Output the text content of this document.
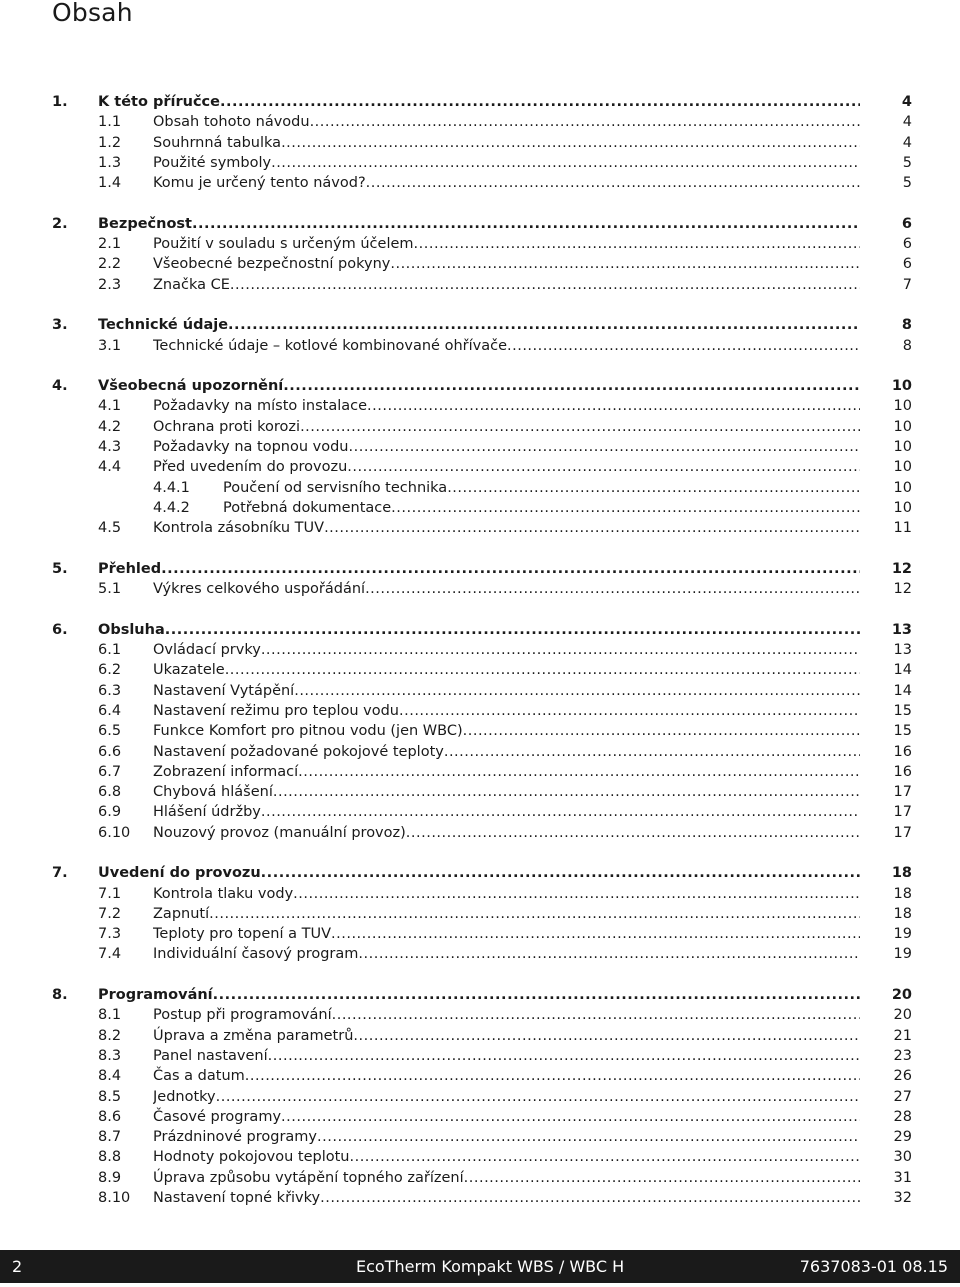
Obsah
1. K této příručce .....	4
1.1 Obsah tohoto návodu .....	4
1.2 Souhrnná tabulka .....	4
1.3 Použité symboly .....	5
1.4 Komu je určený tento návod? .....	5
2. Bezpečnost .....	6
2.1 Použití v souladu s určeným účelem .....	6
2.2 Všeobecné bezpečnostní pokyny .....	6
2.3 Značka CE .....	7
3. Technické údaje .....	8
3.1 Technické údaje – kotlové kombinované ohřívače .....	8
4. Všeobecná upozornění .....	10
4.1 Požadavky na místo instalace .....	10
4.2 Ochrana proti korozi .....	10
4.3 Požadavky na topnou vodu .....	10
4.4 Před uvedením do provozu .....	10
4.4.1 Poučení od servisního technika .....	10
4.4.2 Potřebná dokumentace .....	10
4.5 Kontrola zásobníku TUV .....	11
5. Přehled .....	12
5.1 Výkres celkového uspořádání .....	12
6. Obsluha .....	13
6.1 Ovládací prvky .....	13
6.2 Ukazatele .....	14
6.3 Nastavení Vytápění .....	14
6.4 Nastavení režimu pro teplou vodu .....	15
6.5 Funkce Komfort pro pitnou vodu (jen WBC) .....	15
6.6 Nastavení požadované pokojové teploty .....	16
6.7 Zobrazení informací .....	16
6.8 Chybová hlášení .....	17
6.9 Hlášení údržby .....	17
6.10 Nouzový provoz (manuální provoz) .....	17
7. Uvedení do provozu .....	18
7.1 Kontrola tlaku vody .....	18
7.2 Zapnutí .....	18
7.3 Teploty pro topení a TUV .....	19
7.4 Individuální časový program .....	19
8. Programování .....	20
8.1 Postup při programování .....	20
8.2 Úprava a změna parametrů .....	21
8.3 Panel nastavení .....	23
8.4 Čas a datum .....	26
8.5 Jednotky .....	27
8.6 Časové programy .....	28
8.7 Prázdninové programy .....	29
8.8 Hodnoty pokojovou teplotu .....	30
8.9 Úprava způsobu vytápění topného zařízení .....	31
8.10 Nastavení topné křivky .....	32
2	EcoTherm Kompakt WBS / WBC H	7637083-01 08.15
